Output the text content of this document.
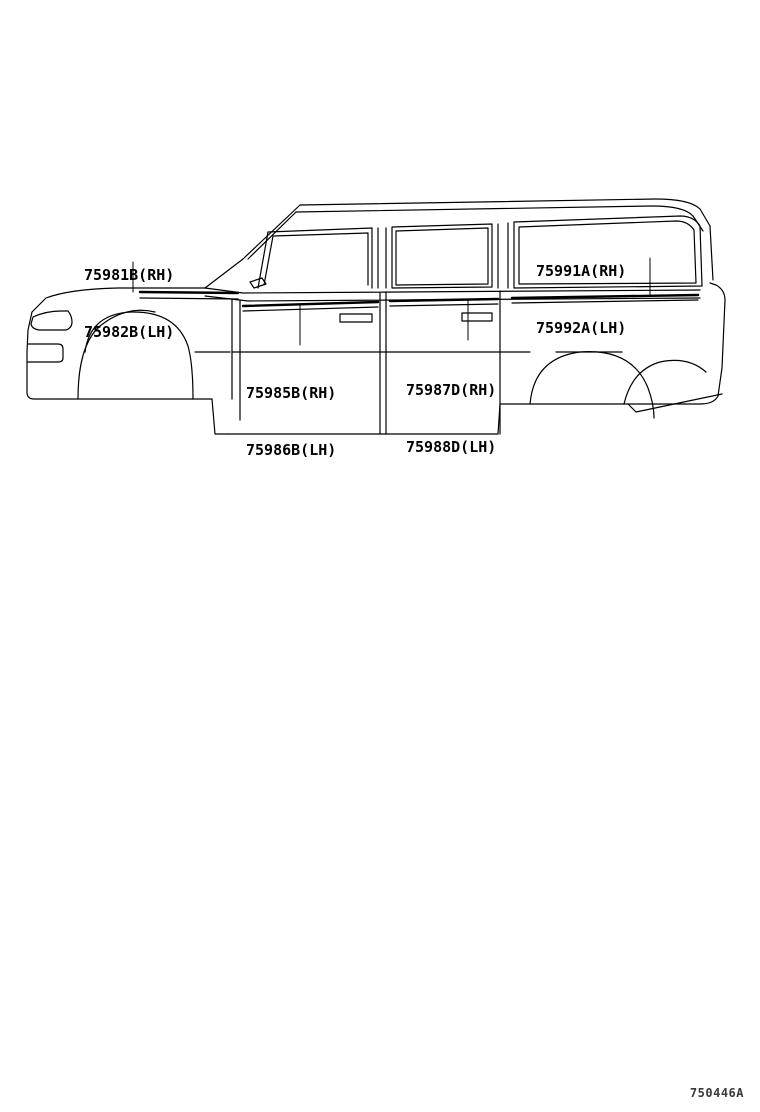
75981B(RH)

75982B(LH)

75991A(RH)

75992A(LH)

75985B(RH)

75986B(LH)

75987D(RH)

75988D(LH)

750446A
